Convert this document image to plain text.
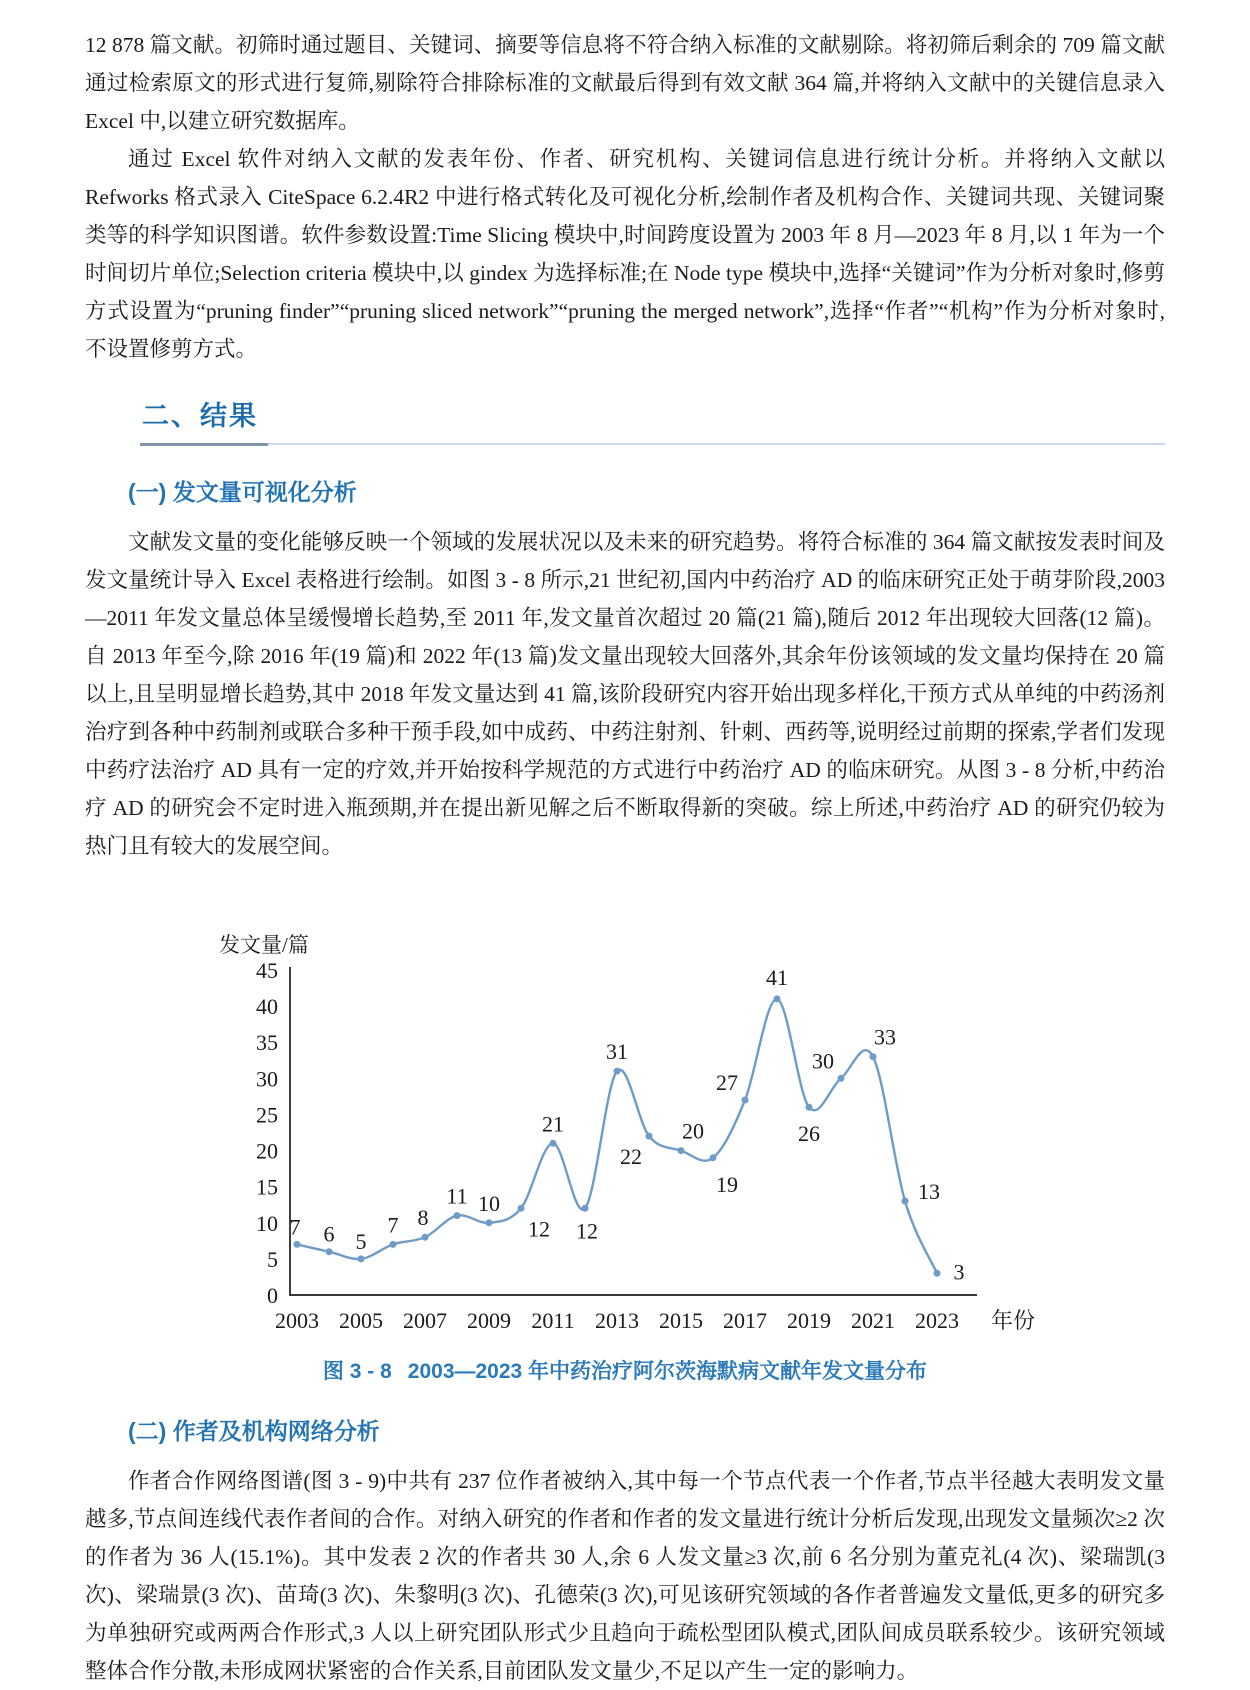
12 878 篇文献。初筛时通过题目、关键词、摘要等信息将不符合纳入标准的文献剔除。将初筛后剩余的 709 篇文献通过检索原文的形式进行复筛,剔除符合排除标准的文献最后得到有效文献 364 篇,并将纳入文献中的关键信息录入 Excel 中,以建立研究数据库。

通过 Excel 软件对纳入文献的发表年份、作者、研究机构、关键词信息进行统计分析。并将纳入文献以 Refworks 格式录入 CiteSpace 6.2.4R2 中进行格式转化及可视化分析,绘制作者及机构合作、关键词共现、关键词聚类等的科学知识图谱。软件参数设置:Time Slicing 模块中,时间跨度设置为 2003 年 8 月—2023 年 8 月,以 1 年为一个时间切片单位;Selection criteria 模块中,以 gindex 为选择标准;在 Node type 模块中,选择“关键词”作为分析对象时,修剪方式设置为“pruning finder”“pruning sliced network”“pruning the merged network”,选择“作者”“机构”作为分析对象时,不设置修剪方式。

二、结果
(一) 发文量可视化分析

文献发文量的变化能够反映一个领域的发展状况以及未来的研究趋势。将符合标准的 364 篇文献按发表时间及发文量统计导入 Excel 表格进行绘制。如图 3 - 8 所示,21 世纪初,国内中药治疗 AD 的临床研究正处于萌芽阶段,2003—2011 年发文量总体呈缓慢增长趋势,至 2011 年,发文量首次超过 20 篇(21 篇),随后 2012 年出现较大回落(12 篇)。自 2013 年至今,除 2016 年(19 篇)和 2022 年(13 篇)发文量出现较大回落外,其余年份该领域的发文量均保持在 20 篇以上,且呈明显增长趋势,其中 2018 年发文量达到 41 篇,该阶段研究内容开始出现多样化,干预方式从单纯的中药汤剂治疗到各种中药制剂或联合多种干预手段,如中成药、中药注射剂、针刺、西药等,说明经过前期的探索,学者们发现中药疗法治疗 AD 具有一定的疗效,并开始按科学规范的方式进行中药治疗 AD 的临床研究。从图 3 - 8 分析,中药治疗 AD 的研究会不定时进入瓶颈期,并在提出新见解之后不断取得新的突破。综上所述,中药治疗 AD 的研究仍较为热门且有较大的发展空间。

0
5
10
15
20
25
30
35
40
45
2003 2005 2007 2009 2011 2013 2015 2017 2019 2021 2023 年份
发文量/篇
7 6 5
7 8
11 10
12
21
12
31
22
20
19
27
41
26
30
33
13
3
图 3 - 8 2003—2023 年中药治疗阿尔茨海默病文献年发文量分布
(二) 作者及机构网络分析

作者合作网络图谱(图 3 - 9)中共有 237 位作者被纳入,其中每一个节点代表一个作者,节点半径越大表明发文量越多,节点间连线代表作者间的合作。对纳入研究的作者和作者的发文量进行统计分析后发现,出现发文量频次≥2 次的作者为 36 人(15.1%)。其中发表 2 次的作者共 30 人,余 6 人发文量≥3 次,前 6 名分别为董克礼(4 次)、梁瑞凯(3 次)、梁瑞景(3 次)、苗琦(3 次)、朱黎明(3 次)、孔德荣(3 次),可见该研究领域的各作者普遍发文量低,更多的研究多为单独研究或两两合作形式,3 人以上研究团队形式少且趋向于疏松型团队模式,团队间成员联系较少。该研究领域整体合作分散,未形成网状紧密的合作关系,目前团队发文量少,不足以产生一定的影响力。
